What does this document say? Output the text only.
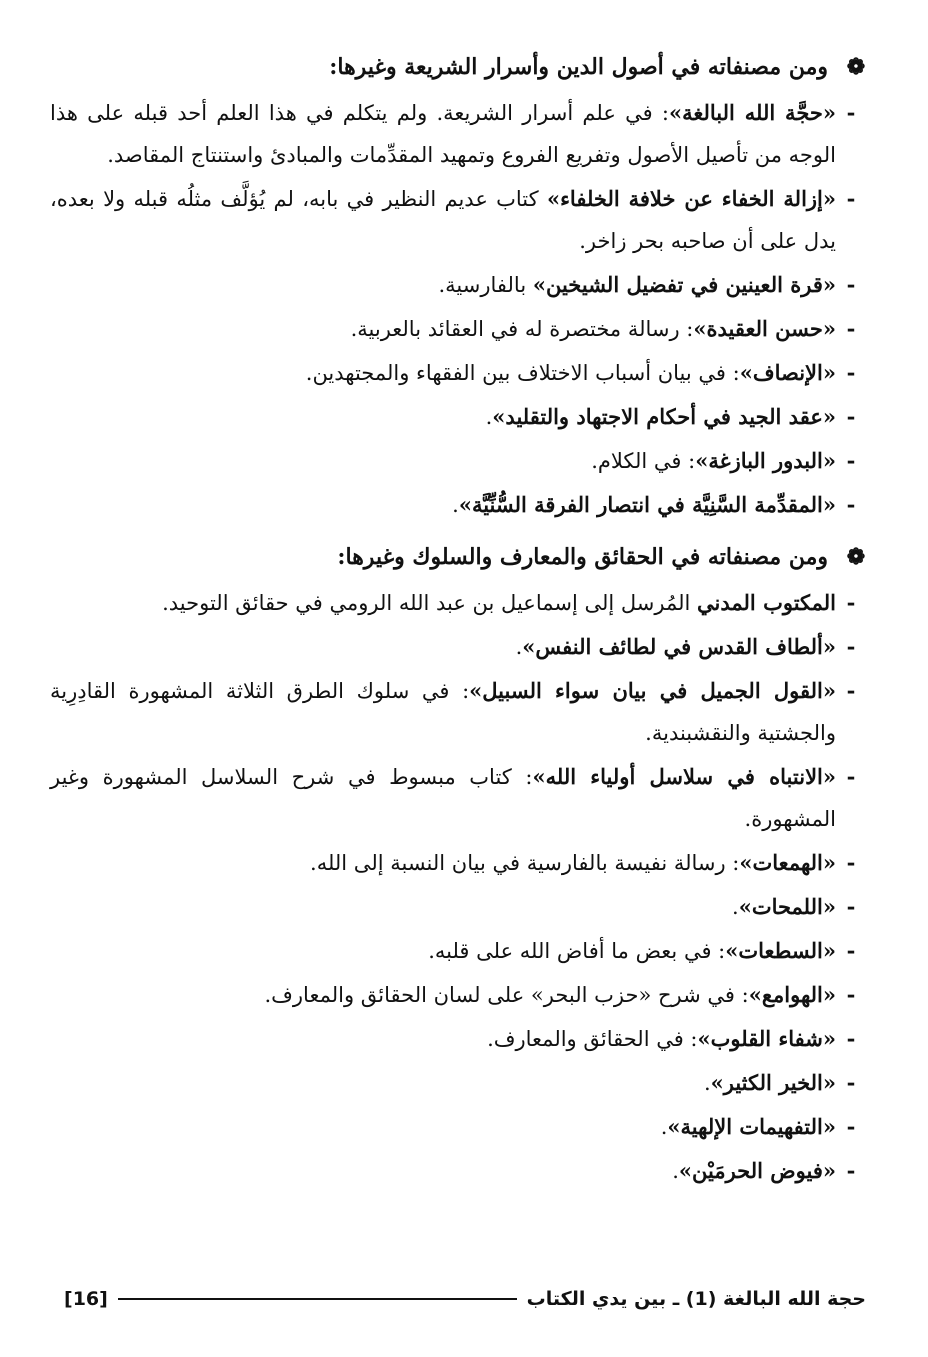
❁
ومن مصنفاته في أصول الدين وأسرار الشريعة وغيرها:
-
«حجَّة الله البالغة»: في علم أسرار الشريعة. ولم يتكلم في هذا العلم أحد قبله على هذا الوجه من تأصيل الأصول وتفريع الفروع وتمهيد المقدِّمات والمبادئ واستنتاج المقاصد.
-
«إزالة الخفاء عن خلافة الخلفاء» كتاب عديم النظير في بابه، لم يُؤلَّف مثلُه قبله ولا بعده، يدل على أن صاحبه بحر زاخر.
-
«قرة العينين في تفضيل الشيخين» بالفارسية.
-
«حسن العقيدة»: رسالة مختصرة له في العقائد بالعربية.
-
«الإنصاف»: في بيان أسباب الاختلاف بين الفقهاء والمجتهدين.
-
«عقد الجيد في أحكام الاجتهاد والتقليد».
-
«البدور البازغة»: في الكلام.
-
«المقدِّمة السَّنِيَّة في انتصار الفرقة السُّنِّيَّة».
❁
ومن مصنفاته في الحقائق والمعارف والسلوك وغيرها:
-
المكتوب المدني المُرسل إلى إسماعيل بن عبد الله الرومي في حقائق التوحيد.
-
«ألطاف القدس في لطائف النفس».
-
«القول الجميل في بيان سواء السبيل»: في سلوك الطرق الثلاثة المشهورة القادِرِية والجشتية والنقشبندية.
-
«الانتباه في سلاسل أولياء الله»: كتاب مبسوط في شرح السلاسل المشهورة وغير المشهورة.
-
«الهمعات»: رسالة نفيسة بالفارسية في بيان النسبة إلى الله.
-
«اللمحات».
-
«السطعات»: في بعض ما أفاض الله على قلبه.
-
«الهوامع»: في شرح «حزب البحر» على لسان الحقائق والمعارف.
-
«شفاء القلوب»: في الحقائق والمعارف.
-
«الخير الكثير».
-
«التفهيمات الإلهية».
-
«فيوض الحرمَيْن».
حجة الله البالغة (1) ـ بين يدي الكتاب
[16]
